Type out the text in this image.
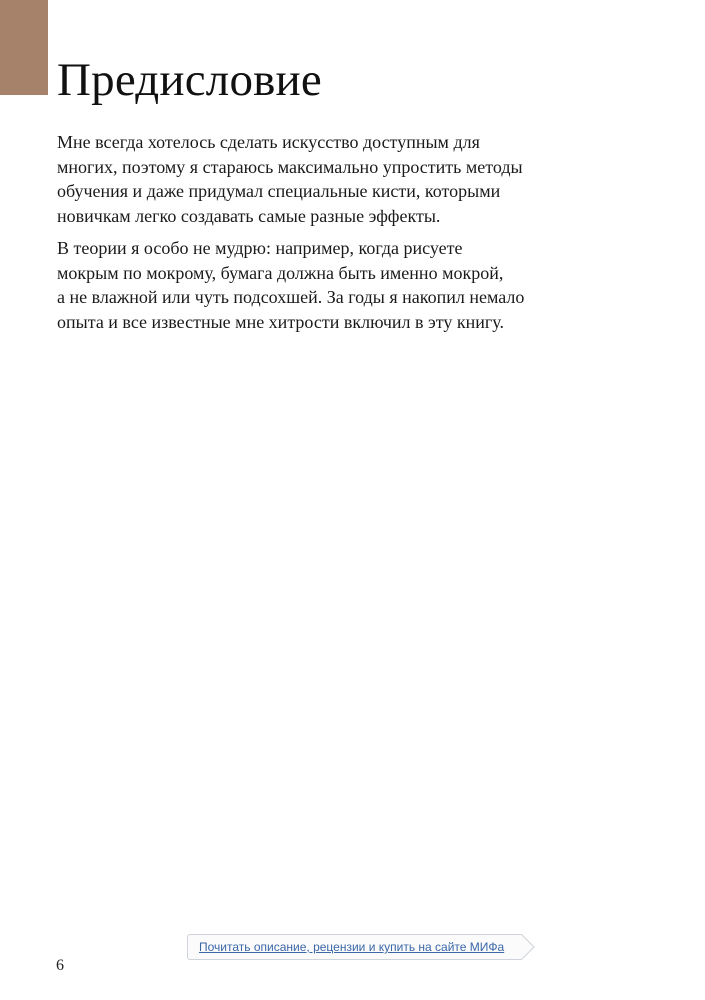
Предисловие

Мне всегда хотелось сделать искусство доступным для
многих, поэтому я стараюсь максимально упростить методы
обучения и даже придумал специальные кисти, которыми
новичкам легко создавать самые разные эффекты.

В теории я особо не мудрю: например, когда рисуете
мокрым по мокрому, бумага должна быть именно мокрой,
а не влажной или чуть подсохшей. За годы я накопил немало
опыта и все известные мне хитрости включил в эту книгу.

Почитать описание, рецензии и купить на сайте МИФа
6
